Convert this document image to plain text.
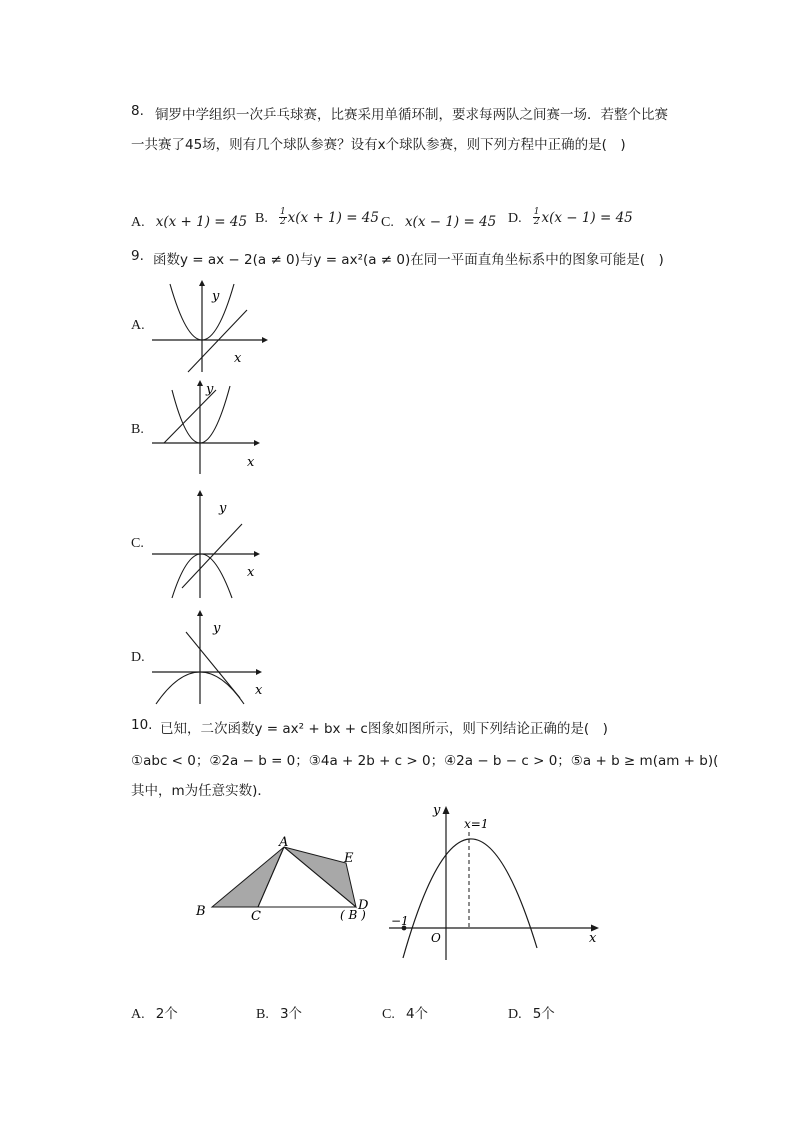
8. 铜罗中学组织一次乒乓球赛，比赛采用单循环制，要求每两队之间赛一场．若整个比赛
一共赛了45场，则有几个球队参赛？设有x个球队参赛，则下列方程中正确的是(　)
A. x(x + 1) = 45 B. $\frac{1}{2} x(x + 1) = 45$ C. x(x − 1) = 45 D. $\frac{1}{2} x(x - 1) = 45$
9. 函数y = ax − 2(a ≠ 0)与y = ax²(a ≠ 0)在同一平面直角坐标系中的图象可能是(　)
A.
y
x
B.
y
x
C.
y
x
D.
y
x
10. 已知，二次函数y = ax² + bx + c图象如图所示，则下列结论正确的是(　)
①abc < 0；②2a − b = 0；③4a + 2b + c > 0；④2a − b − c > 0；⑤a + b ≥ m(am + b)(
其中，m为任意实数)．
A
B	C
D
E
( B )
y
x
O
−1
x=1
A. 2个	B. 3个	C. 4个	D. 5个
